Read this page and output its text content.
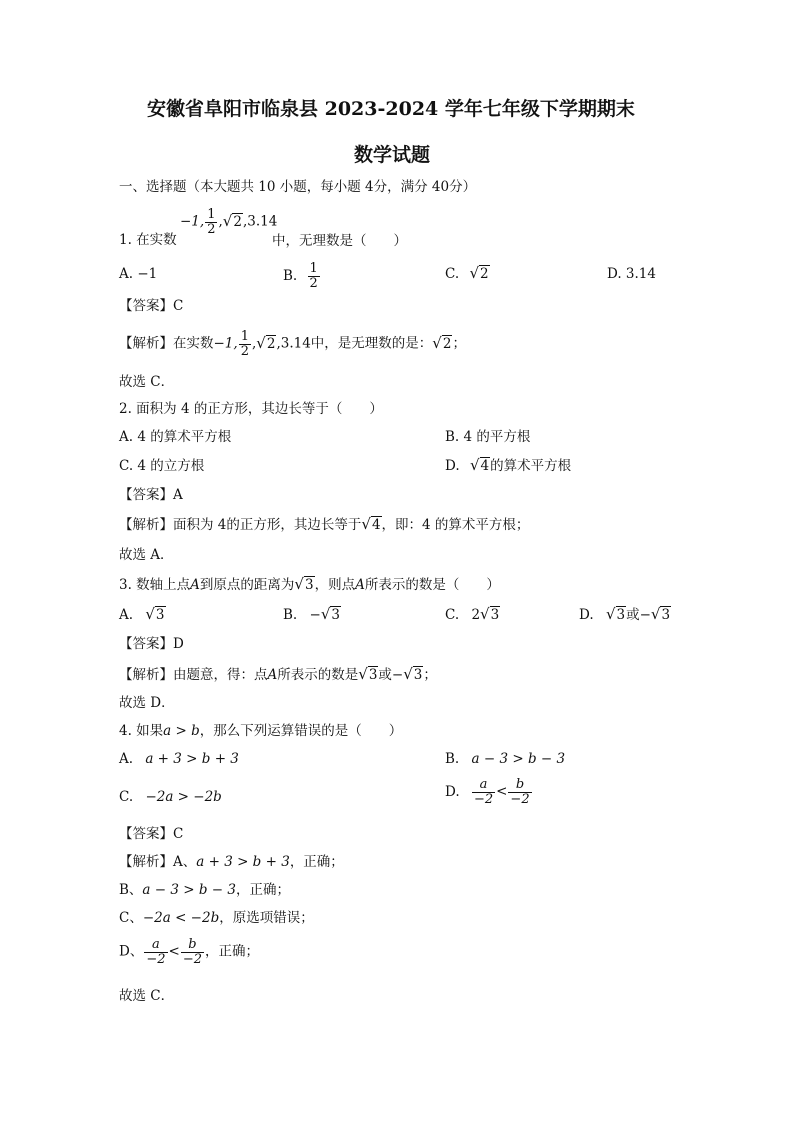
安徽省阜阳市临泉县 2023-2024 学年七年级下学期期末
数学试题
一、选择题（本大题共 10 小题，每小题 4分，满分 40分）
1. 在实数
−1, $\frac{1}{2} ,√2,3.14$
中，无理数是（　　）
A. −1	B. $\frac{1}{2}$	C. √2	D. 3.14
【答案】C
【解析】在实数−1, $\frac{1}{2} ,√2,3.14$中，是无理数的是：√2；
故选 C．
2. 面积为 4 的正方形，其边长等于（　　）
A. 4 的算术平方根	B. 4 的平方根
C. 4 的立方根	D. √4的算术平方根
【答案】A
【解析】面积为 4的正方形，其边长等于√4，即：4 的算术平方根；
故选 A．
3. 数轴上点A到原点的距离为√3，则点A所表示的数是（　　）
A. √3	B. −√3	C. 2√3	D. √3或−√3
【答案】D
【解析】由题意，得：点A所表示的数是√3或−√3；
故选 D．
4. 如果a > b，那么下列运算错误的是（　　）
A. a + 3 > b + 3	B. a − 3 > b − 3
C. −2a > −2b	D. $\frac{a}{-2} < \frac{b}{-2}$
【答案】C
【解析】A、a + 3 > b + 3，正确；
B、a − 3 > b − 3，正确；
C、−2a < −2b，原选项错误；
D、 $\frac{a}{-2} < \frac{b}{-2}$ ，正确；
故选 C．
